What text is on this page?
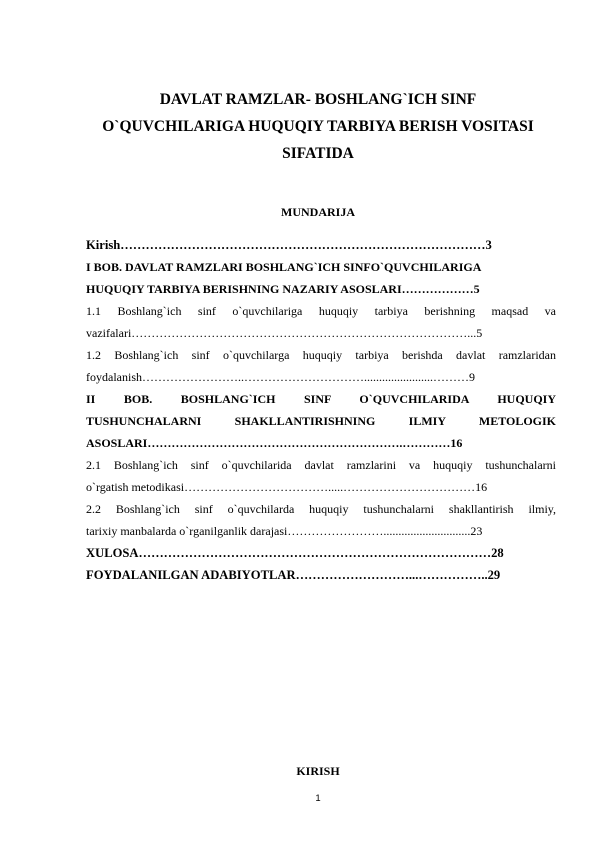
DAVLAT RAMZLAR- BOSHLANG`ICH SINF
O`QUVCHILARIGA HUQUQIY TARBIYA BERISH VOSITASI
SIFATIDA
MUNDARIJA
Kirish……………………………………………………………………………3
I BOB. DAVLAT RAMZLARI BOSHLANG`ICH SINFO`QUVCHILARIGA
HUQUQIY TARBIYA BERISHNING NAZARIY ASOSLARI………………5
1.1 Boshlang`ich sinf o`quvchilariga huquqiy tarbiya berishning maqsad va
vazifalari…………………………………………………………………………...5
1.2 Boshlang`ich sinf o`quvchilarga huquqiy tarbiya berishda davlat ramzlaridan
foydalanish……………………..………………………….......................………9
II BOB. BOSHLANG`ICH SINF O`QUVCHILARIDA HUQUQIY
TUSHUNCHALARNI SHAKLLANTIRISHNING ILMIY METOLOGIK
ASOSLARI……………………………………………………….…………16
2.1 Boshlang`ich sinf o`quvchilarida davlat ramzlarini va huquqiy tushunchalarni
o`rgatish metodikasi……………………………….....……………………………16
2.2 Boshlang`ich sinf o`quvchilarda huquqiy tushunchalarni shakllantirish ilmiy,
tarixiy manbalarda o`rganilganlik darajasi…………………….............................23
XULOSA…………………………………………………………………………28
FOYDALANILGAN ADABIYOTLAR………………………...……………..29
KIRISH
1
